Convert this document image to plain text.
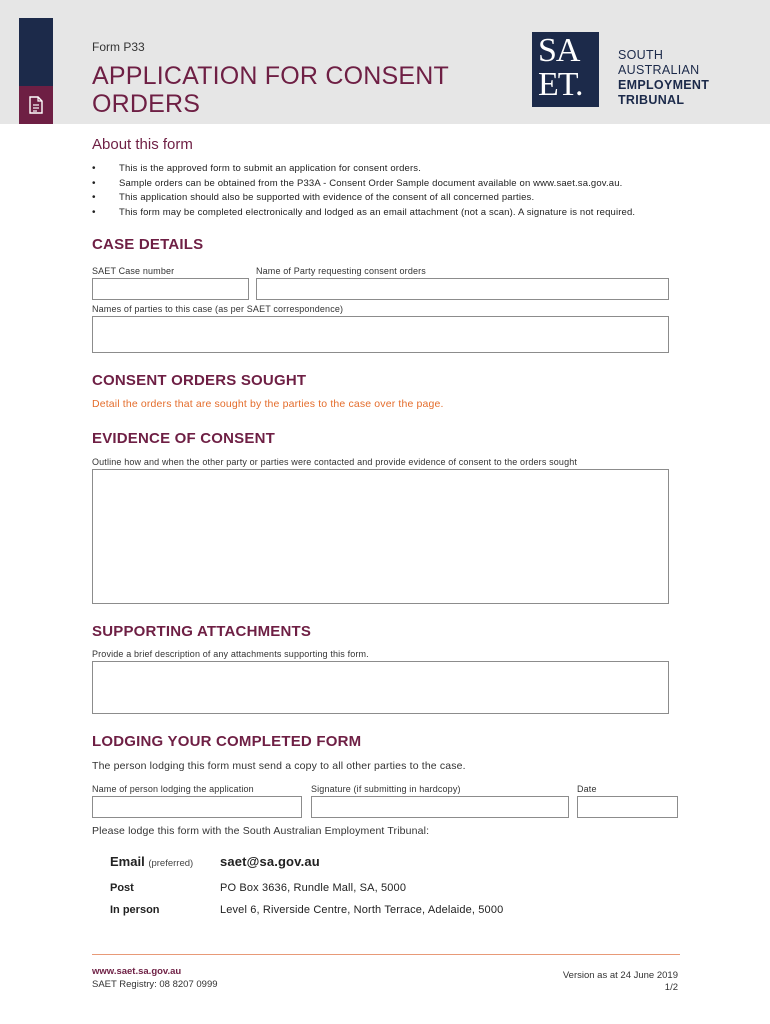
Form P33
APPLICATION FOR CONSENT ORDERS
SA
ET.
SOUTH
AUSTRALIAN
EMPLOYMENT
TRIBUNAL
About this form
• This is the approved form to submit an application for consent orders.
• Sample orders can be obtained from the P33A - Consent Order Sample document available on www.saet.sa.gov.au.
• This application should also be supported with evidence of the consent of all concerned parties.
• This form may be completed electronically and lodged as an email attachment (not a scan). A signature is not required.
CASE DETAILS
SAET Case number	Name of Party requesting consent orders
Names of parties to this case (as per SAET correspondence)
CONSENT ORDERS SOUGHT
Detail the orders that are sought by the parties to the case over the page.
EVIDENCE OF CONSENT
Outline how and when the other party or parties were contacted and provide evidence of consent to the orders sought
SUPPORTING ATTACHMENTS
Provide a brief description of any attachments supporting this form.
LODGING YOUR COMPLETED FORM
The person lodging this form must send a copy to all other parties to the case.
Name of person lodging the application	Signature (if submitting in hardcopy)	Date
Please lodge this form with the South Australian Employment Tribunal:
Email (preferred) saet@sa.gov.au
Post	PO Box 3636, Rundle Mall, SA, 5000
In person	Level 6, Riverside Centre, North Terrace, Adelaide, 5000
www.saet.sa.gov.au
SAET Registry: 08 8207 0999
Version as at 24 June 2019
1/2
